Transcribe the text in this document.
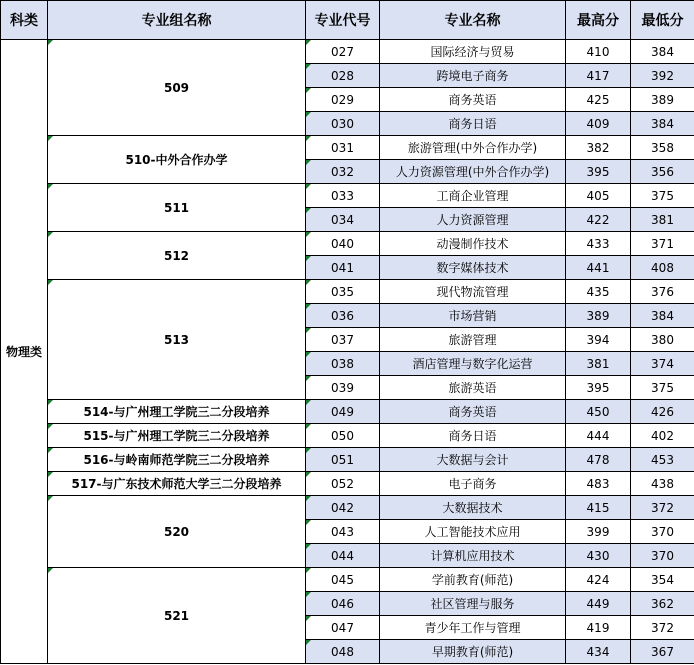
科类	专业组名称	专业代号	专业名称	最高分	最低分
物理类	509	027	国际经济与贸易	410	384
		028	跨境电子商务	417	392
		029	商务英语	425	389
		030	商务日语	409	384
	510-中外合作办学	031	旅游管理(中外合作办学)	382	358
		032	人力资源管理(中外合作办学)	395	356
	511	033	工商企业管理	405	375
		034	人力资源管理	422	381
	512	040	动漫制作技术	433	371
		041	数字媒体技术	441	408
	513	035	现代物流管理	435	376
		036	市场营销	389	384
		037	旅游管理	394	380
		038	酒店管理与数字化运营	381	374
		039	旅游英语	395	375
	514-与广州理工学院三二分段培养	049	商务英语	450	426
	515-与广州理工学院三二分段培养	050	商务日语	444	402
	516-与岭南师范学院三二分段培养	051	大数据与会计	478	453
	517-与广东技术师范大学三二分段培养	052	电子商务	483	438
	520	042	大数据技术	415	372
		043	人工智能技术应用	399	370
		044	计算机应用技术	430	370
	521	045	学前教育(师范)	424	354
		046	社区管理与服务	449	362
		047	青少年工作与管理	419	372
		048	早期教育(师范)	434	367
